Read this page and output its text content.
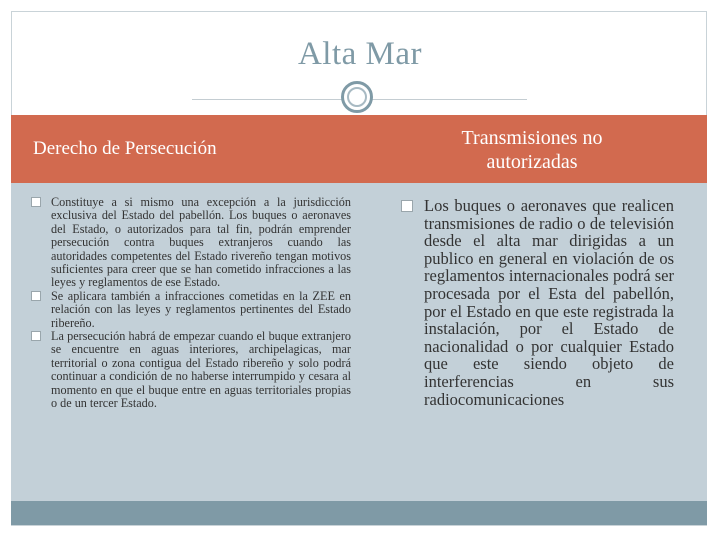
Alta Mar
Derecho de Persecución	Transmisiones no autorizadas
Constituye a si mismo una excepción a la jurisdicción exclusiva del Estado del pabellón. Los buques o aeronaves del Estado, o autorizados para tal fin, podrán emprender persecución contra buques extranjeros cuando las autoridades competentes del Estado rivereño tengan motivos suficientes para creer que se han cometido infracciones a las leyes y reglamentos de ese Estado.
Se aplicara también a infracciones cometidas en la ZEE en relación con las leyes y reglamentos pertinentes del Estado ribereño.
La persecución habrá de empezar cuando el buque extranjero se encuentre en aguas interiores, archipelagicas, mar territorial o zona contigua del Estado ribereño y solo podrá continuar a condición de no haberse interrumpido y cesara al momento en que el buque entre en aguas territoriales propias o de un tercer Estado.
Los buques o aeronaves que realicen transmisiones de radio o de televisión desde el alta mar dirigidas a un publico en general en violación de os reglamentos internacionales podrá ser procesada por el Esta del pabellón, por el Estado en que este registrada la instalación, por el Estado de nacionalidad o por cualquier Estado que este siendo objeto de interferencias en sus radiocomunicaciones
